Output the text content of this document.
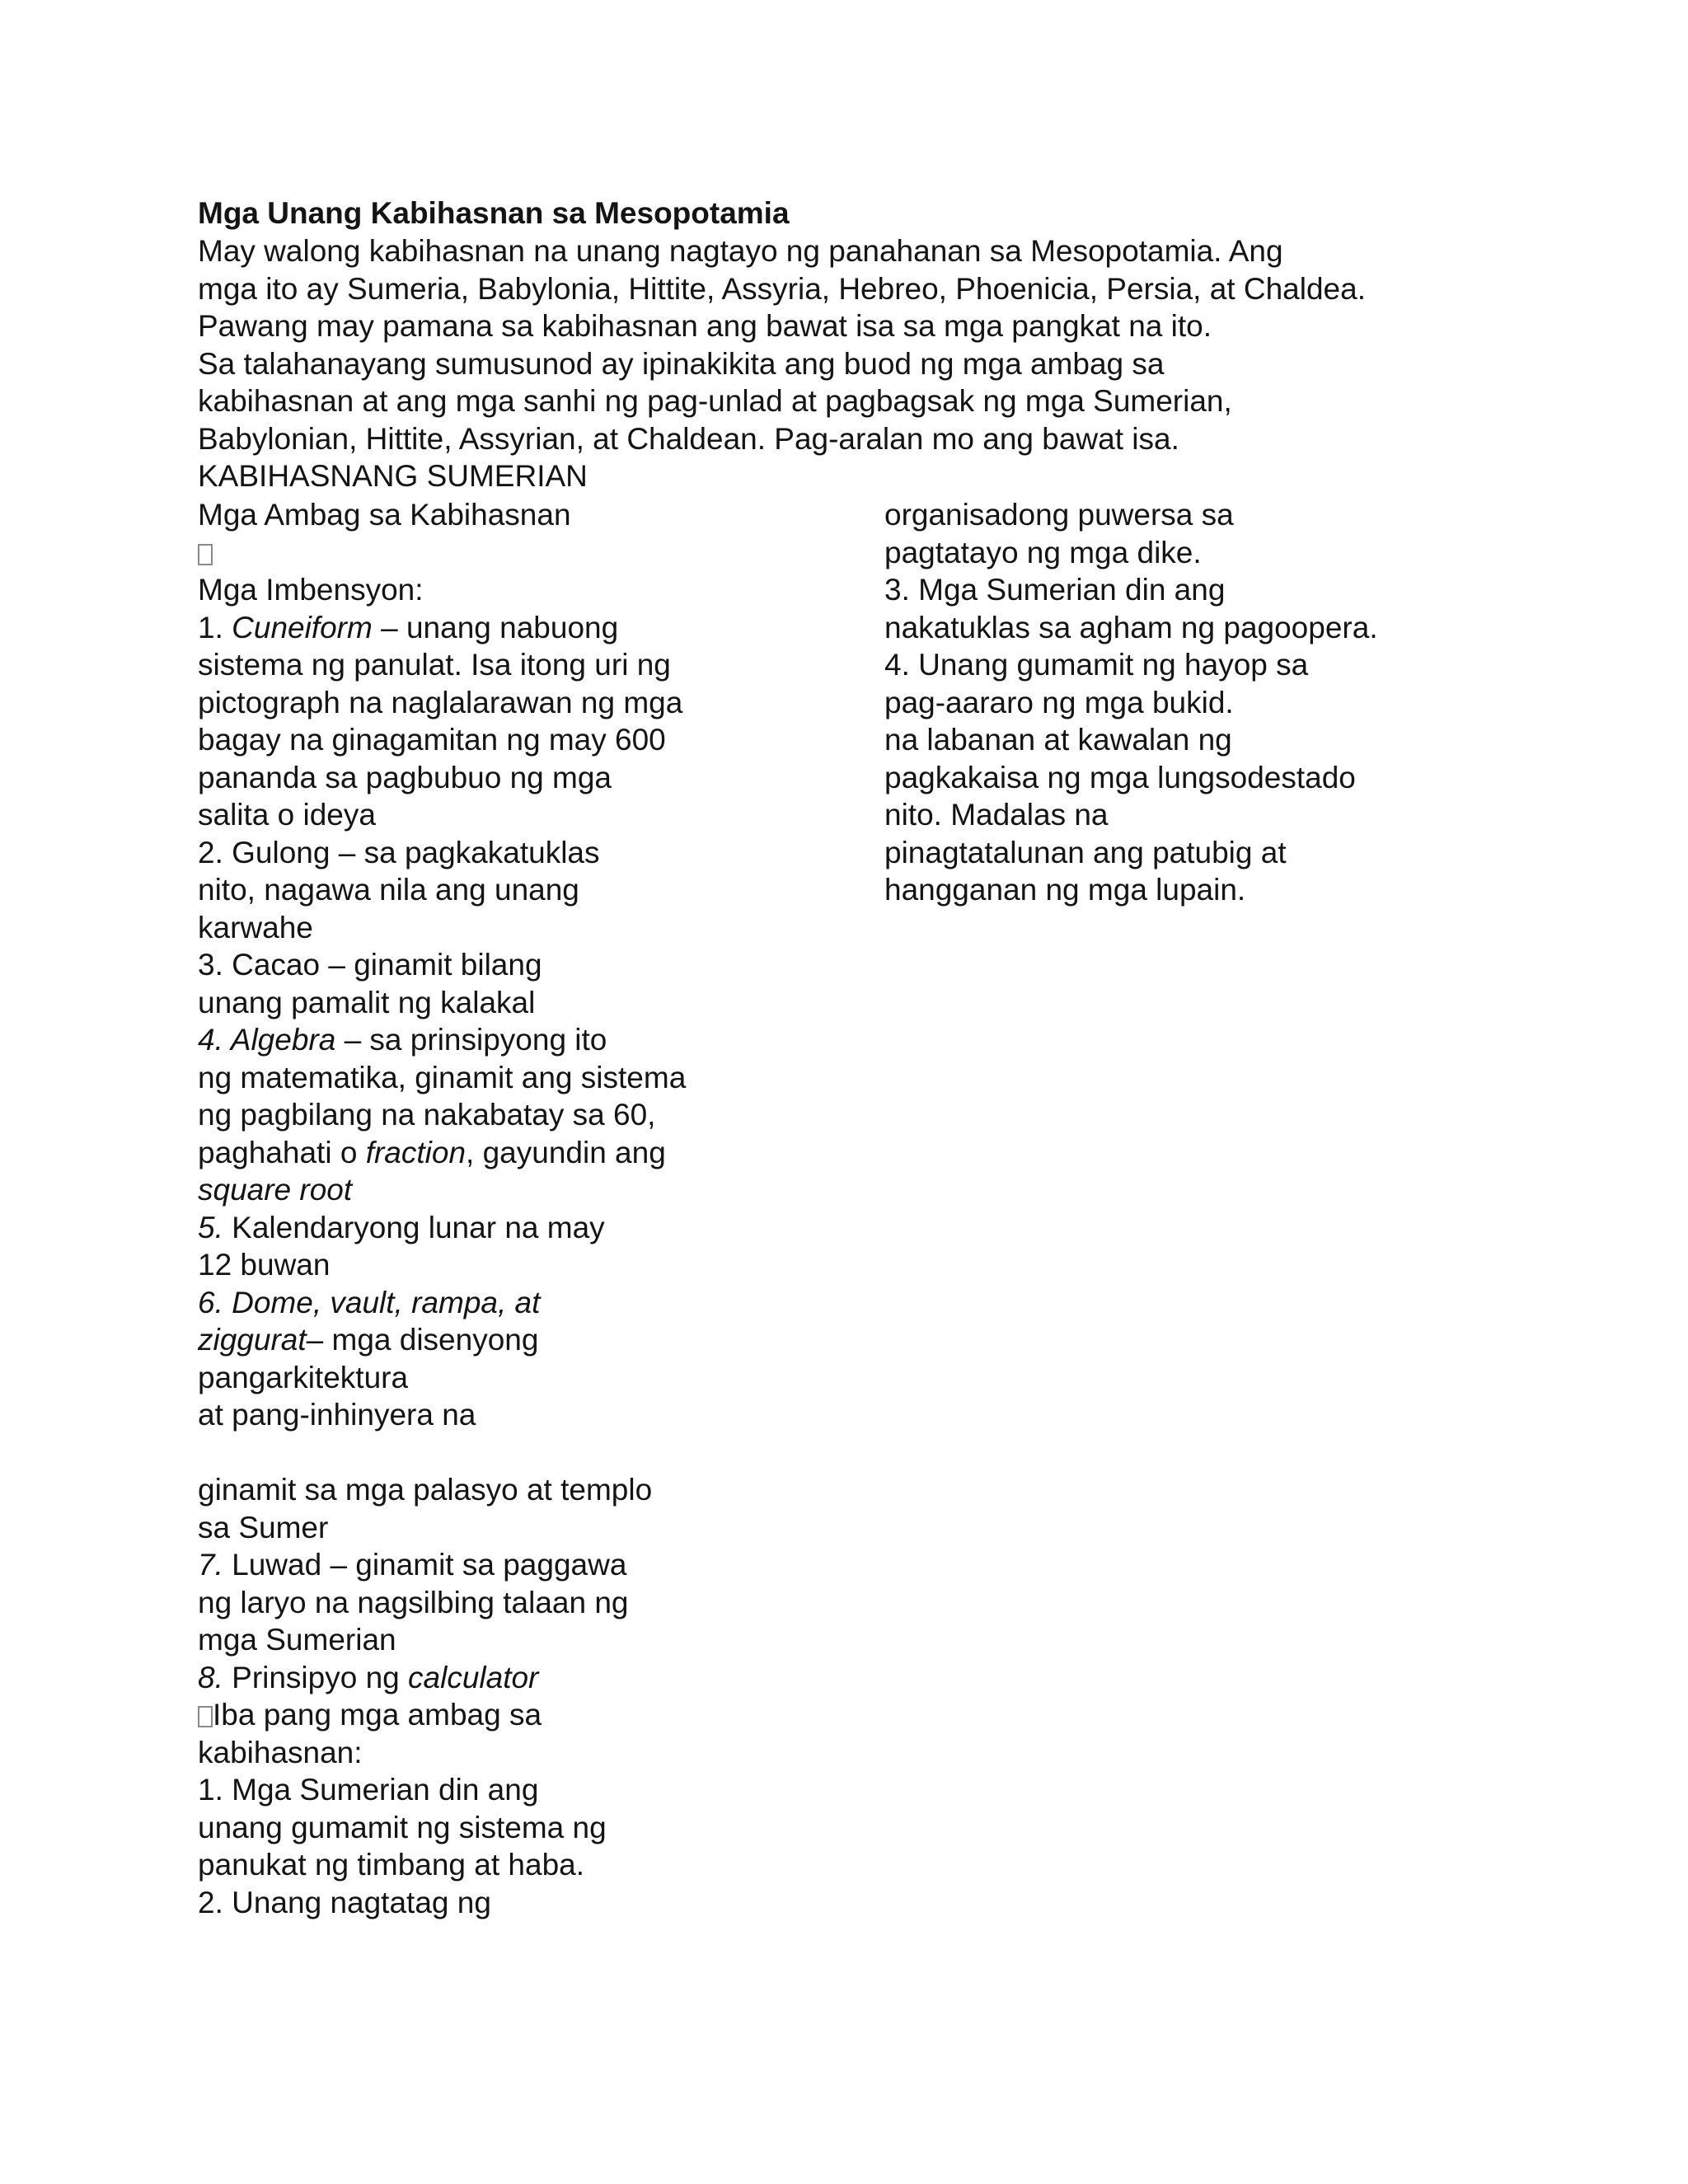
Mga Unang Kabihasnan sa Mesopotamia

May walong kabihasnan na unang nagtayo ng panahanan sa Mesopotamia. Ang

mga ito ay Sumeria, Babylonia, Hittite, Assyria, Hebreo, Phoenicia, Persia, at Chaldea.

Pawang may pamana sa kabihasnan ang bawat isa sa mga pangkat na ito.

Sa talahanayang sumusunod ay ipinakikita ang buod ng mga ambag sa

kabihasnan at ang mga sanhi ng pag-unlad at pagbagsak ng mga Sumerian,

Babylonian, Hittite, Assyrian, at Chaldean. Pag-aralan mo ang bawat isa.

KABIHASNANG SUMERIAN

Mga Ambag sa Kabihasnan

Mga Imbensyon:

1. Cuneiform – unang nabuong

sistema ng panulat. Isa itong uri ng

pictograph na naglalarawan ng mga

bagay na ginagamitan ng may 600

pananda sa pagbubuo ng mga

salita o ideya

2. Gulong – sa pagkakatuklas

nito, nagawa nila ang unang

karwahe

3. Cacao – ginamit bilang

unang pamalit ng kalakal

4. Algebra – sa prinsipyong ito

ng matematika, ginamit ang sistema

ng pagbilang na nakabatay sa 60,

paghahati o fraction, gayundin ang

square root

5. Kalendaryong lunar na may

12 buwan

6. Dome, vault, rampa, at

ziggurat– mga disenyong

pangarkitektura

at pang-inhinyera na

ginamit sa mga palasyo at templo

sa Sumer

7. Luwad – ginamit sa paggawa

ng laryo na nagsilbing talaan ng

mga Sumerian

8. Prinsipyo ng calculator

Iba pang mga ambag sa

kabihasnan:

1. Mga Sumerian din ang

unang gumamit ng sistema ng

panukat ng timbang at haba.

2. Unang nagtatag ng

organisadong puwersa sa

pagtatayo ng mga dike.

3. Mga Sumerian din ang

nakatuklas sa agham ng pagoopera.

4. Unang gumamit ng hayop sa

pag-aararo ng mga bukid.

na labanan at kawalan ng

pagkakaisa ng mga lungsodestado

nito. Madalas na

pinagtatalunan ang patubig at

hangganan ng mga lupain.
